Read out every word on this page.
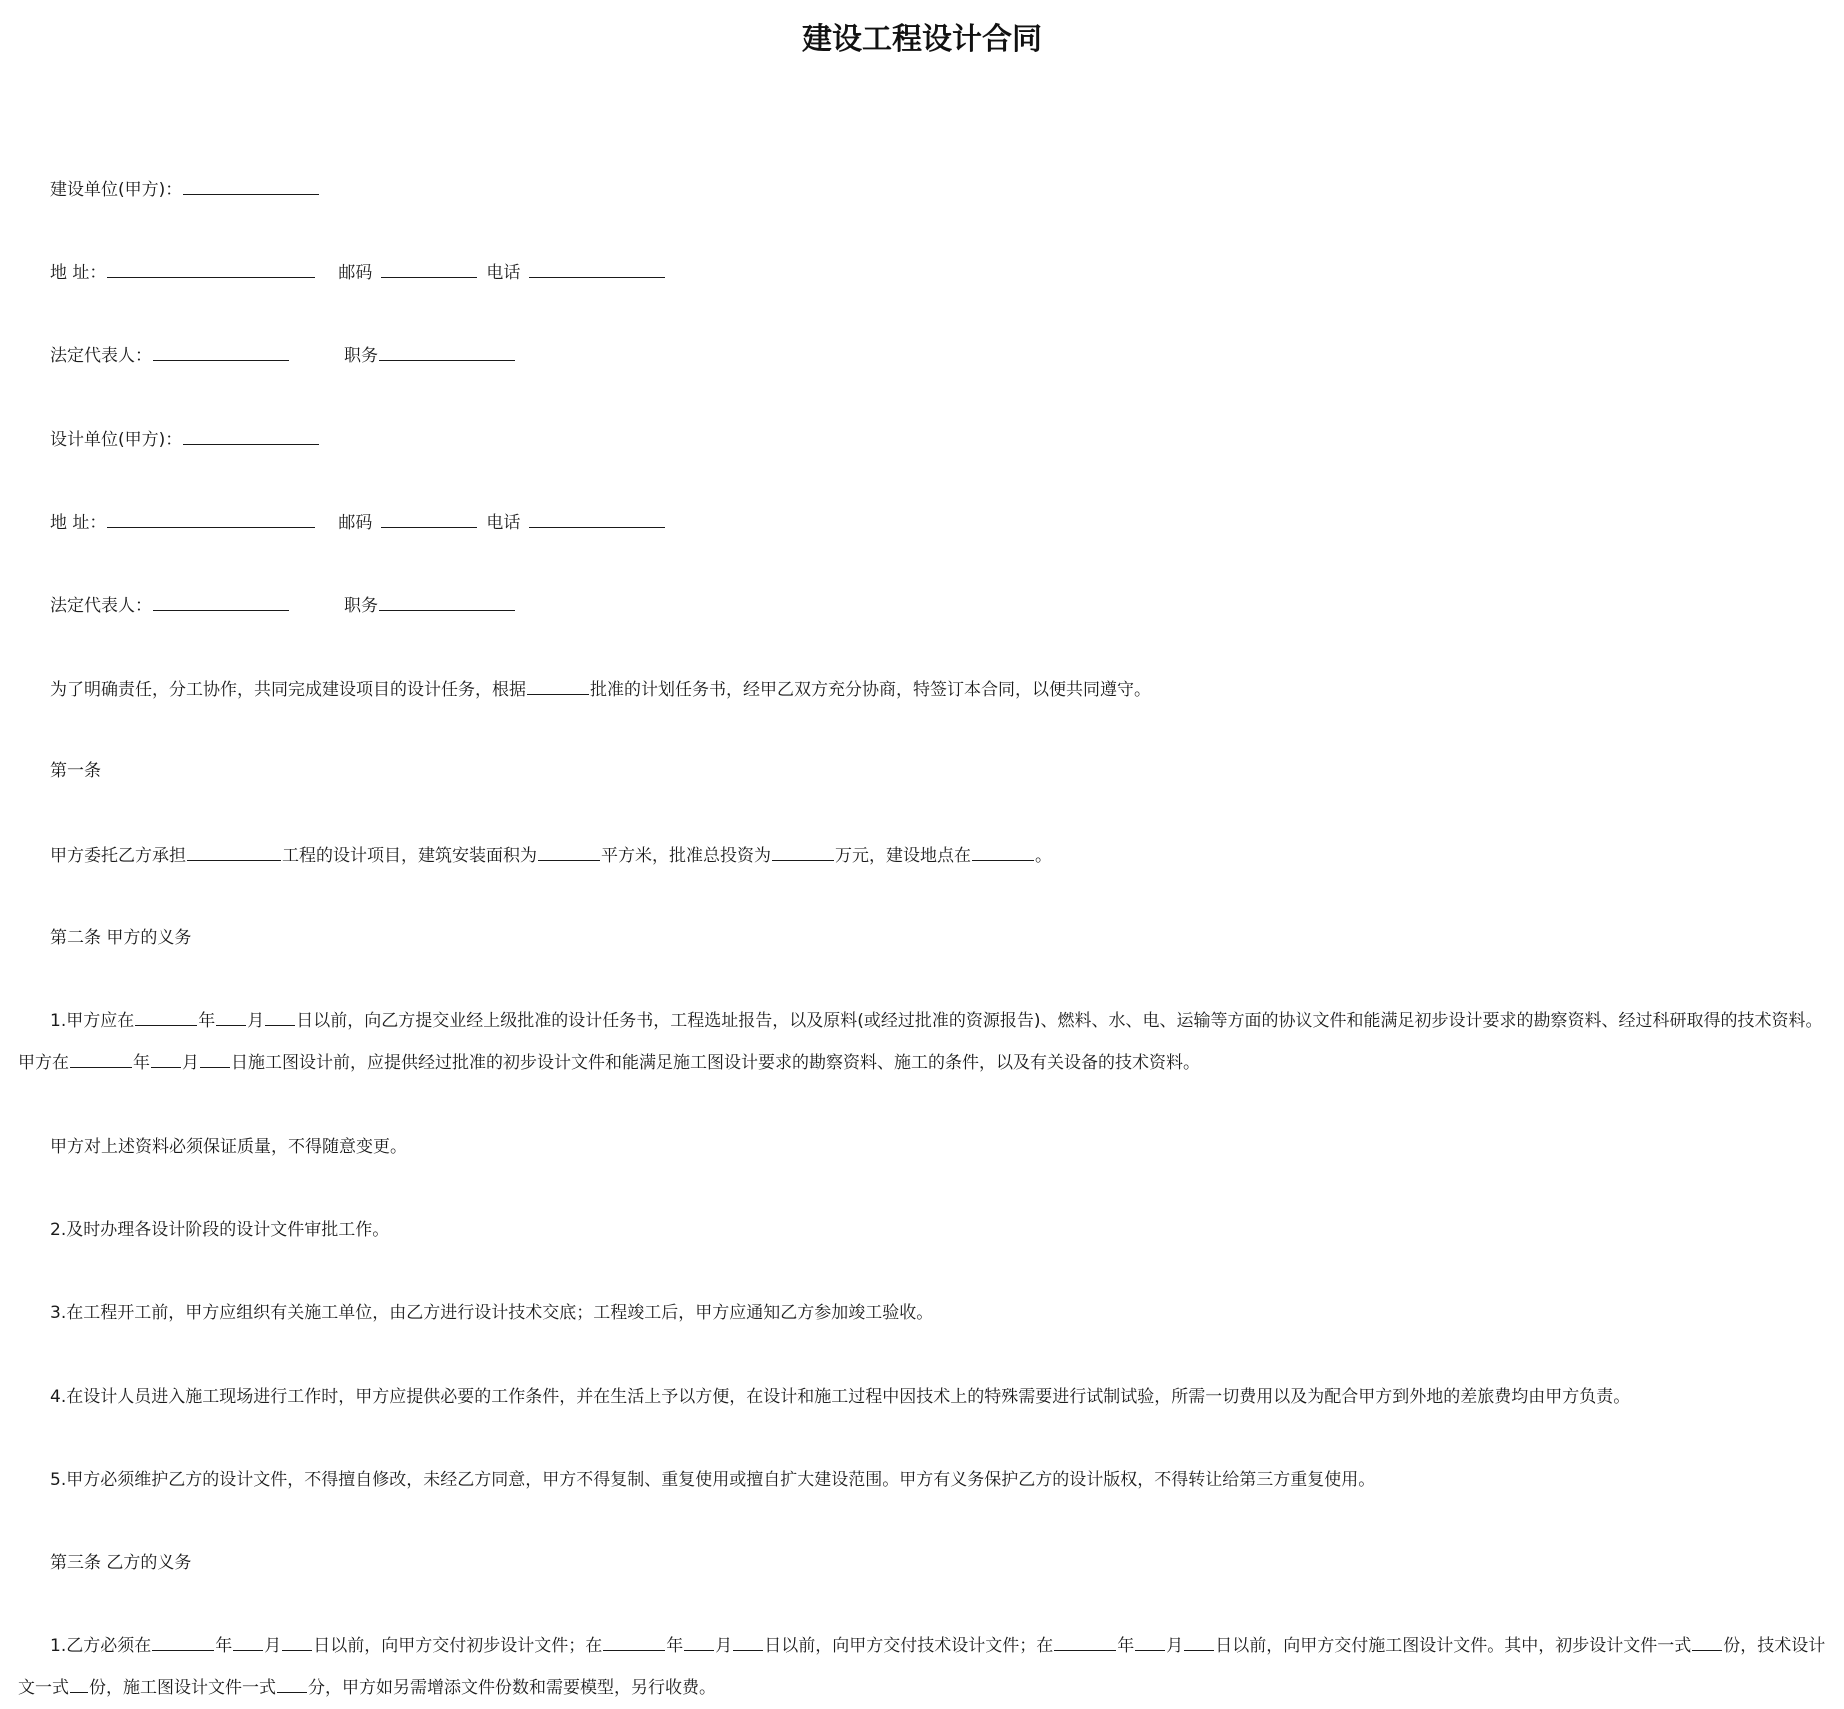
建设工程设计合同
建设单位(甲方)：
地 址：	邮码	电话
法定代表人：	职务
设计单位(甲方)：
地 址：	邮码	电话
法定代表人：	职务
为了明确责任，分工协作，共同完成建设项目的设计任务，根据	批准的计划任务书，经甲乙双方充分协商，特签订本合同，以便共同遵守。
第一条
甲方委托乙方承担	工程的设计项目，建筑安装面积为	平方米，批准总投资为	万元，建设地点在	。
第二条 甲方的义务
1.甲方应在	年 月 日以前，向乙方提交业经上级批准的设计任务书，工程选址报告，以及原料(或经过批准的资源报告)、燃料、水、电、运输等方面的协议文件和能满足初步设计要求的勘察资料、经过科研取得的技术资料。甲方在	年 月 日施工图设计前，应提供经过批准的初步设计文件和能满足施工图设计要求的勘察资料、施工的条件，以及有关设备的技术资料。
甲方对上述资料必须保证质量，不得随意变更。
2.及时办理各设计阶段的设计文件审批工作。
3.在工程开工前，甲方应组织有关施工单位，由乙方进行设计技术交底；工程竣工后，甲方应通知乙方参加竣工验收。
4.在设计人员进入施工现场进行工作时，甲方应提供必要的工作条件，并在生活上予以方便，在设计和施工过程中因技术上的特殊需要进行试制试验，所需一切费用以及为配合甲方到外地的差旅费均由甲方负责。
5.甲方必须维护乙方的设计文件，不得擅自修改，未经乙方同意，甲方不得复制、重复使用或擅自扩大建设范围。甲方有义务保护乙方的设计版权，不得转让给第三方重复使用。
第三条 乙方的义务
1.乙方必须在	年 月 日以前，向甲方交付初步设计文件；在	年 月 日以前，向甲方交付技术设计文件；在	年 月 日以前，向甲方交付施工图设计文件。其中，初步设计文件一式 份，技术设计文一式 份，施工图设计文件一式 分，甲方如另需增添文件份数和需要模型，另行收费。
